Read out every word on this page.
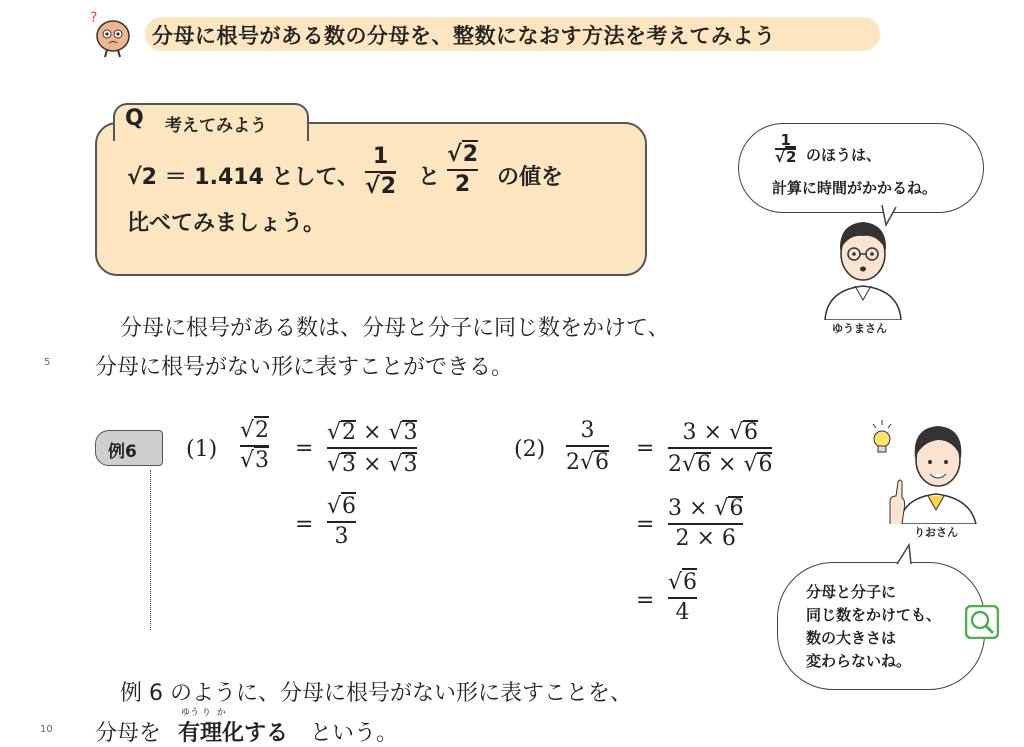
?
分母に根号がある数の分母を、整数になおす方法を考えてみよう
Q 考えてみよう
√2 ＝ 1.414 として、
1
√2 と
√2
2 の値を
比べてみましょう。
1
√2 のほうは、
計算に時間がかかるね。
ゆうまさん
分母に根号がある数は、分母と分子に同じ数をかけて、
分母に根号がない形に表すことができる。
5
例6 (1)
√2
√3 =
√ 2 × √ 3
√ 3 × √ 3
=
√6
3
(2)
3
2√ 6
=
3 × √ 6
2√ 6 × √ 6
=
3 × √ 6
2 × 6
=
√6
4
りおさん
分母と分子に
同じ数をかけても、
数の大きさは
変わらないね。
例 6 のように、分母に根号がない形に表すことを、
分母を
ゆう り  か
有理化する という。
10
